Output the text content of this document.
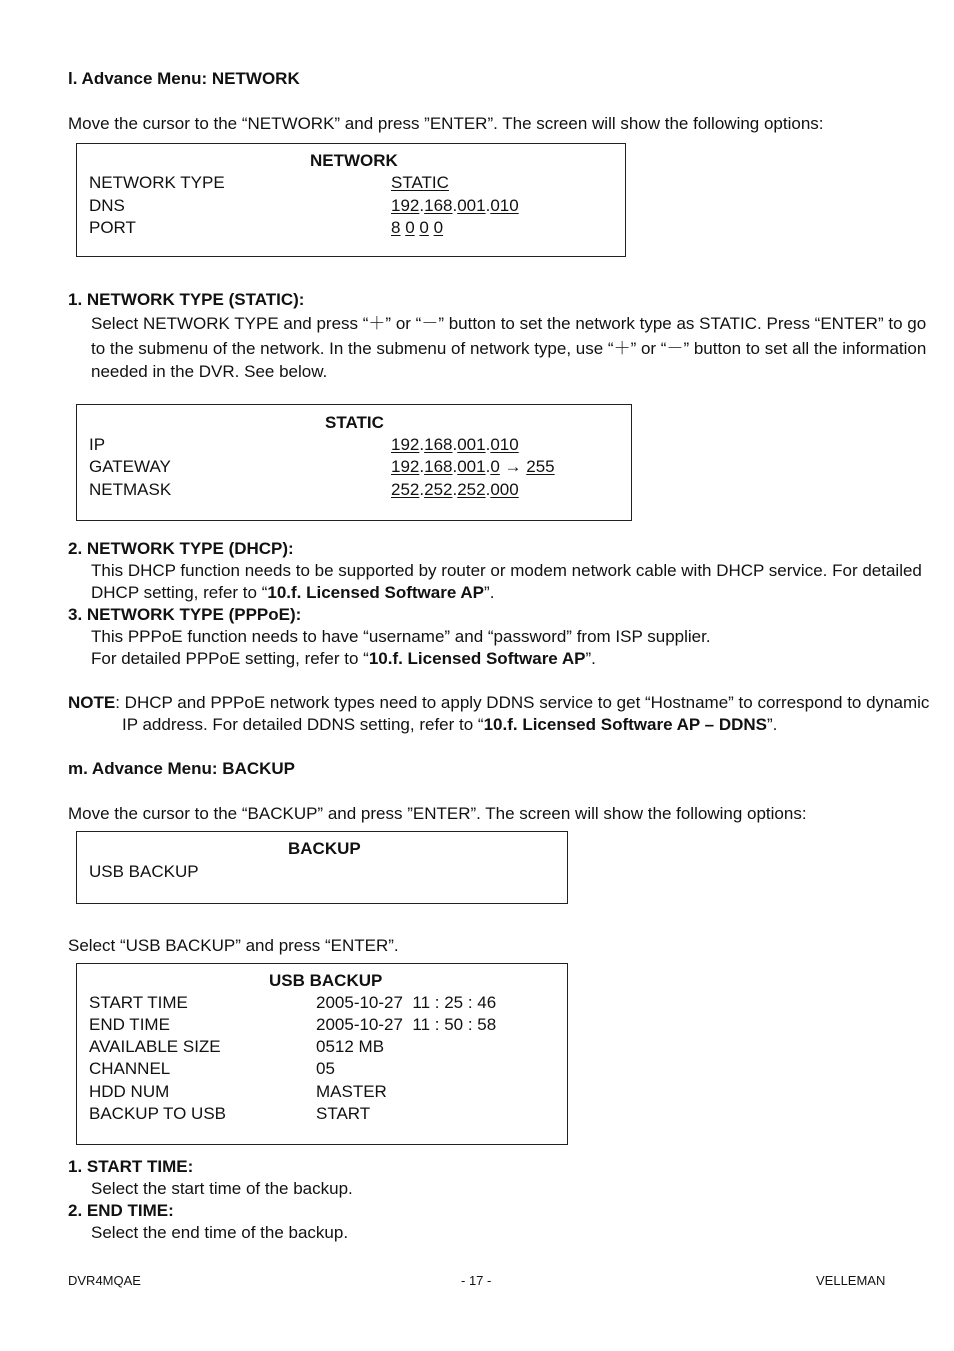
l. Advance Menu: NETWORK
Move the cursor to the “NETWORK” and press ”ENTER”. The screen will show the following options:
NETWORK
NETWORK TYPE	STATIC
DNS	192.168.001.010
PORT	8 0 0 0
1. NETWORK TYPE (STATIC):
Select NETWORK TYPE and press “＋” or “－” button to set the network type as STATIC. Press “ENTER” to go
to the submenu of the network. In the submenu of network type, use “＋” or “－” button to set all the information
needed in the DVR. See below.
STATIC
IP	192.168.001.010
GATEWAY	192.168.001.0 → 255
NETMASK	252.252.252.000
2. NETWORK TYPE (DHCP):
This DHCP function needs to be supported by router or modem network cable with DHCP service. For detailed
DHCP setting, refer to “10.f. Licensed Software AP”.
3. NETWORK TYPE (PPPoE):
This PPPoE function needs to have “username” and “password” from ISP supplier.
For detailed PPPoE setting, refer to “10.f. Licensed Software AP”.
NOTE: DHCP and PPPoE network types need to apply DDNS service to get “Hostname” to correspond to dynamic
IP address. For detailed DDNS setting, refer to “10.f. Licensed Software AP – DDNS”.
m. Advance Menu: BACKUP
Move the cursor to the “BACKUP” and press ”ENTER”. The screen will show the following options:
BACKUP
USB BACKUP
Select “USB BACKUP” and press “ENTER”.
USB BACKUP
START TIME	2005-10-27  11 : 25 : 46
END TIME	2005-10-27  11 : 50 : 58
AVAILABLE SIZE	0512 MB
CHANNEL	05
HDD NUM	MASTER
BACKUP TO USB	START
1. START TIME:
Select the start time of the backup.
2. END TIME:
Select the end time of the backup.
DVR4MQAE	- 17 -	VELLEMAN
